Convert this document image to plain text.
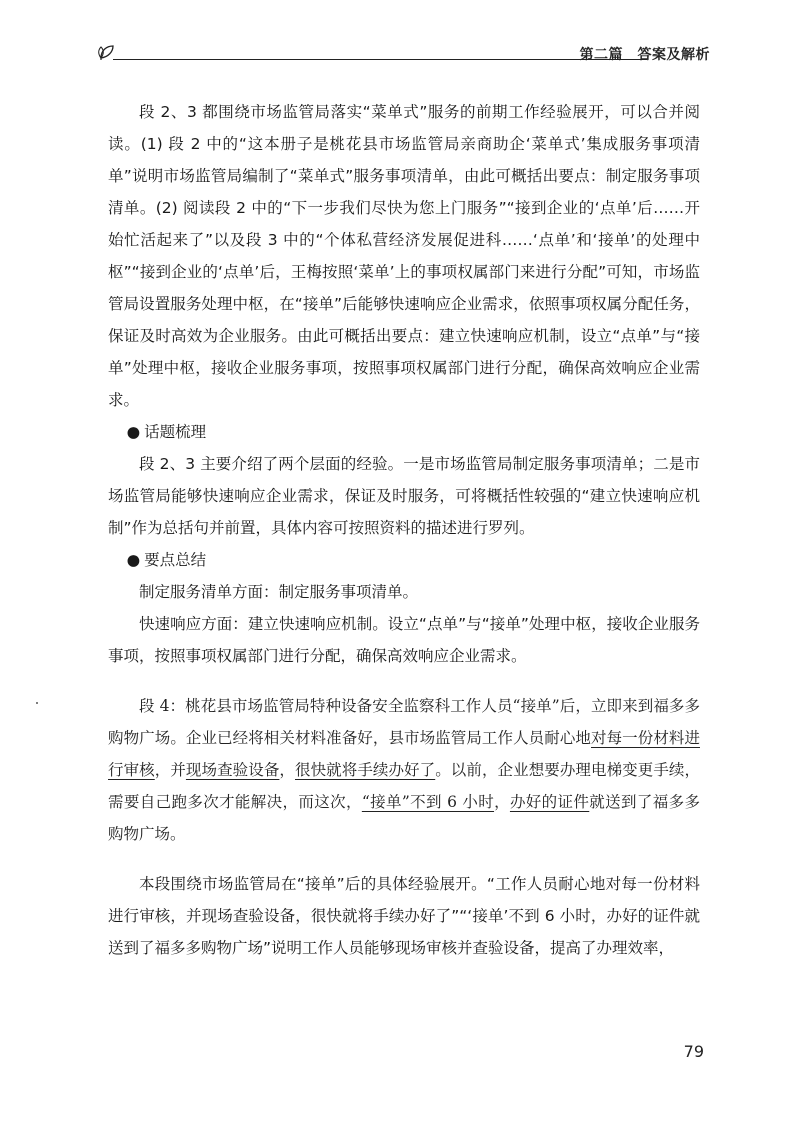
第二篇　答案及解析

段 2、3 都围绕市场监管局落实“菜单式”服务的前期工作经验展开，可以合并阅读。(1) 段 2 中的“这本册子是桃花县市场监管局亲商助企‘菜单式’集成服务事项清单”说明市场监管局编制了“菜单式”服务事项清单，由此可概括出要点：制定服务事项清单。(2) 阅读段 2 中的“下一步我们尽快为您上门服务”“接到企业的‘点单’后……开始忙活起来了”以及段 3 中的“个体私营经济发展促进科……‘点单’和‘接单’的处理中枢”“接到企业的‘点单’后，王梅按照‘菜单’上的事项权属部门来进行分配”可知，市场监管局设置服务处理中枢，在“接单”后能够快速响应企业需求，依照事项权属分配任务，保证及时高效为企业服务。由此可概括出要点：建立快速响应机制，设立“点单”与“接单”处理中枢，接收企业服务事项，按照事项权属部门进行分配，确保高效响应企业需求。

● 话题梳理

段 2、3 主要介绍了两个层面的经验。一是市场监管局制定服务事项清单；二是市场监管局能够快速响应企业需求，保证及时服务，可将概括性较强的“建立快速响应机制”作为总括句并前置，具体内容可按照资料的描述进行罗列。

● 要点总结

制定服务清单方面：制定服务事项清单。

快速响应方面：建立快速响应机制。设立“点单”与“接单”处理中枢，接收企业服务事项，按照事项权属部门进行分配，确保高效响应企业需求。

段 4：桃花县市场监管局特种设备安全监察科工作人员“接单”后，立即来到福多多购物广场。企业已经将相关材料准备好，县市场监管局工作人员耐心地对每一份材料进行审核，并现场查验设备，很快就将手续办好了。以前，企业想要办理电梯变更手续，需要自己跑多次才能解决，而这次，“接单”不到 6 小时，办好的证件就送到了福多多购物广场。

本段围绕市场监管局在“接单”后的具体经验展开。“工作人员耐心地对每一份材料进行审核，并现场查验设备，很快就将手续办好了”“‘接单’不到 6 小时，办好的证件就送到了福多多购物广场”说明工作人员能够现场审核并查验设备，提高了办理效率，

79
